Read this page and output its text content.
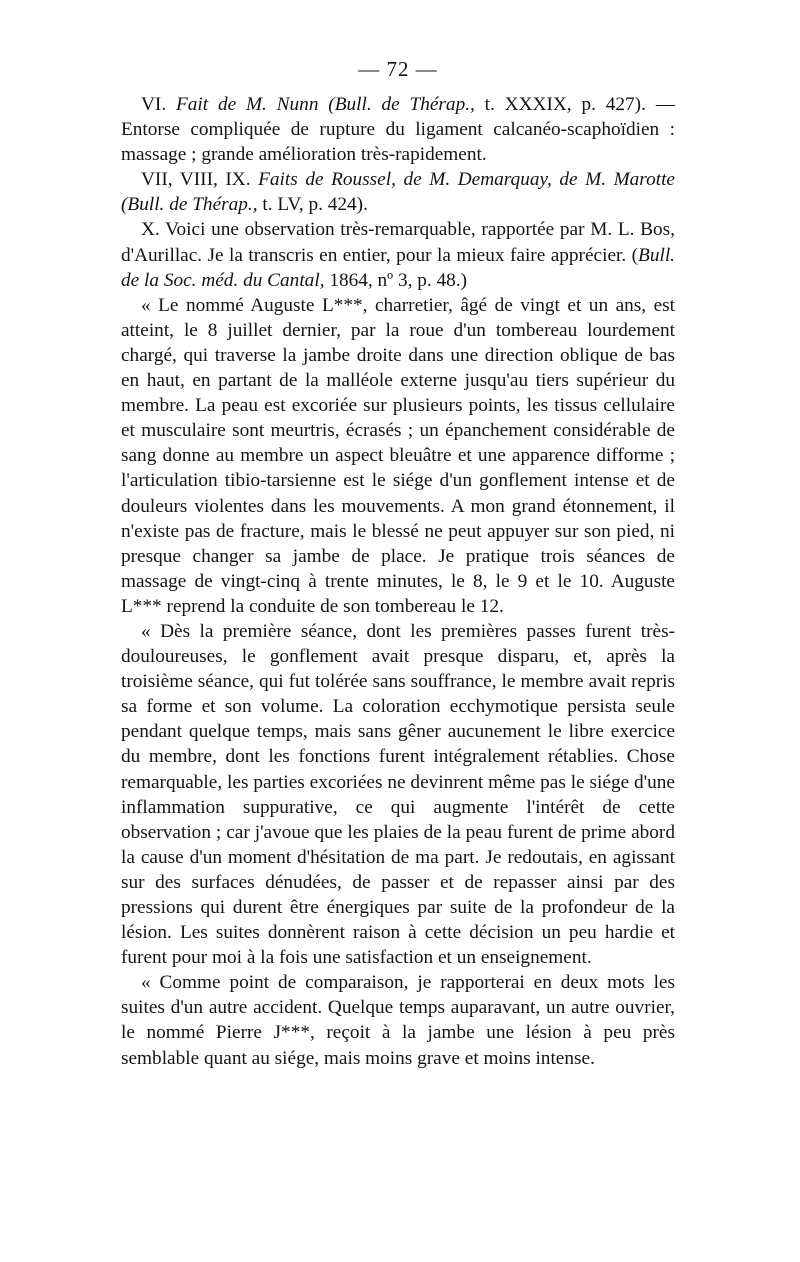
— 72 —

VI. Fait de M. Nunn (Bull. de Thérap., t. XXXIX, p. 427). — Entorse compliquée de rupture du ligament calcanéo-scaphoïdien : massage ; grande amélioration très-rapidement.

VII, VIII, IX. Faits de Roussel, de M. Demarquay, de M. Marotte (Bull. de Thérap., t. LV, p. 424).

X. Voici une observation très-remarquable, rapportée par M. L. Bos, d'Aurillac. Je la transcris en entier, pour la mieux faire apprécier. (Bull. de la Soc. méd. du Cantal, 1864, nº 3, p. 48.)

« Le nommé Auguste L***, charretier, âgé de vingt et un ans, est atteint, le 8 juillet dernier, par la roue d'un tombereau lourdement chargé, qui traverse la jambe droite dans une direction oblique de bas en haut, en partant de la malléole externe jusqu'au tiers supérieur du membre. La peau est excoriée sur plusieurs points, les tissus cellulaire et musculaire sont meurtris, écrasés ; un épanchement considérable de sang donne au membre un aspect bleuâtre et une apparence difforme ; l'articulation tibio-tarsienne est le siége d'un gonflement intense et de douleurs violentes dans les mouvements. A mon grand étonnement, il n'existe pas de fracture, mais le blessé ne peut appuyer sur son pied, ni presque changer sa jambe de place. Je pratique trois séances de massage de vingt-cinq à trente minutes, le 8, le 9 et le 10. Auguste L*** reprend la conduite de son tombereau le 12.

« Dès la première séance, dont les premières passes furent très-douloureuses, le gonflement avait presque disparu, et, après la troisième séance, qui fut tolérée sans souffrance, le membre avait repris sa forme et son volume. La coloration ecchymotique persista seule pendant quelque temps, mais sans gêner aucunement le libre exercice du membre, dont les fonctions furent intégralement rétablies. Chose remarquable, les parties excoriées ne devinrent même pas le siége d'une inflammation suppurative, ce qui augmente l'intérêt de cette observation ; car j'avoue que les plaies de la peau furent de prime abord la cause d'un moment d'hésitation de ma part. Je redoutais, en agissant sur des surfaces dénudées, de passer et de repasser ainsi par des pressions qui durent être énergiques par suite de la profondeur de la lésion. Les suites donnèrent raison à cette décision un peu hardie et furent pour moi à la fois une satisfaction et un enseignement.

« Comme point de comparaison, je rapporterai en deux mots les suites d'un autre accident. Quelque temps auparavant, un autre ouvrier, le nommé Pierre J***, reçoit à la jambe une lésion à peu près semblable quant au siége, mais moins grave et moins intense.
